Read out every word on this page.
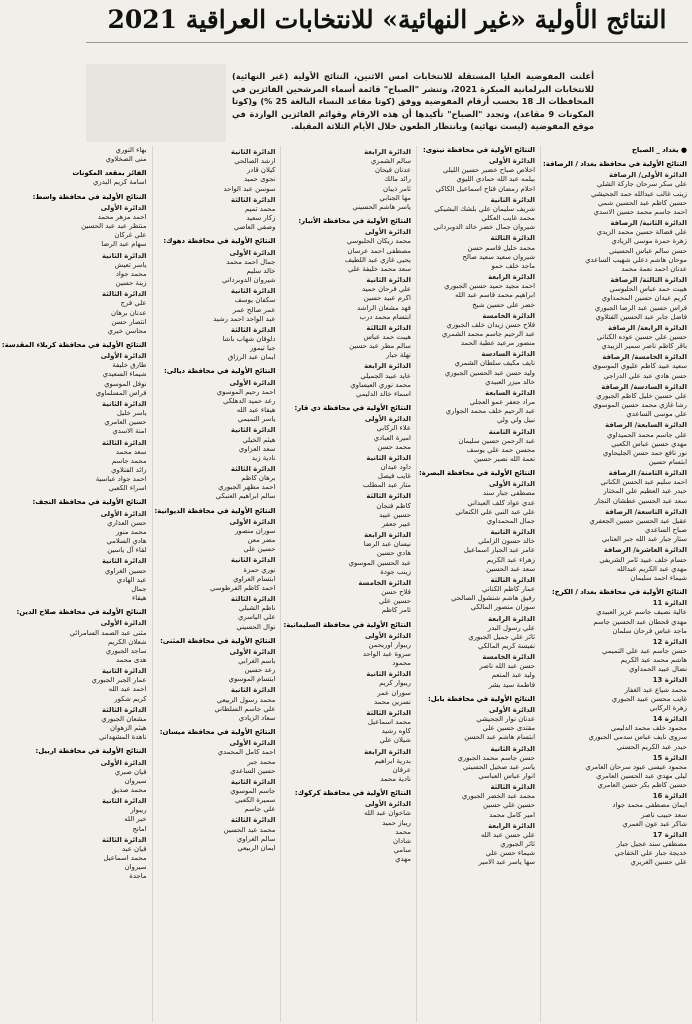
النتائج الأولية «غير النهائية» للانتخابات العراقية 2021
أعلنت المفوضية العليا المستقلة للانتخابات امس الاثنين، النتائج الأولية (غير النهائية) للانتخابات البرلمانية المبكرة 2021، وتنشر "الصباح" قائمة أسماء المرشحين الفائزين في المحافظات الـ 18 بحسب أرقام المفوضية ووفق (كوتا مقاعد النساء البالغة 25 %) و(كوتا المكونات 9 مقاعد)، وتجدد "الصباح" تأكيدها أن هذه الارقام وقوائم الفائزين الواردة في موقع المفوضية (ليست نهائية) وبانتظار الطعون خلال الأيام الثلاثة المقبلة.
● بغداد _ الصباح
النتائج الأولية في محافظة بغداد / الرصافة:
الدائرة الأولى/ الرصافة
علي سكر سرحان جاركة الشلي
زينب غالب عبدالله حمد الجحيشي
حسين كاظم عبد الحسين شمي
احمد جاسم محمد حسين الاسدي
الدائرة الثانية/ الرصافة
علي فضالة حسين محمد الزيدي
زهرة حمزة موسى الزيادي
حسن سالم عباس الحسيني
موحان هاشم ذعلي شهيب الساعدي
عدنان احمد نعمة محمد
الدائرة الثالثة/ الرصافة
هيبت حمد عباس الحلبوسي
كريم عيدان حسين المحمداوي
فراس حسين عبد الرضا الجبوري
فاضل جابر عبد الحسين الفتلاوي
الدائرة الرابعة/ الرصافة
حسين علي حسين عوده الكناني
باقر كاظم ناصر سمير الزبيدي
الدائرة الخامسة/ الرصافة
سعيد عبيد كاظم عليوي الموسوي
حسن هادي عبد علي الدراجي
الدائرة السادسة/ الرصافة
علي حسين خليل كاظم الجبوري
رشا غازي محمد حسين الموسوي
علي موسى الساعدي
الدائرة السابعة/ الرصافة
علي جاسم محمد الحميداوي
مهدي حسين عباس الكعبي
نور نافع حمد حسن الجليحاوي
ابتسام حسين
الدائرة الثامنة/ الرصافة
احمد سليم عبد الحسن الكناني
حيدر عبد العظيم علي المختار
سعد عبد الحسين عطشان النجار
الدائرة التاسعة/ الرصافة
عقيل عبد الحسين حسين الجعفري
صباح الساعدي
ستار جبار عبد الله جبر العتابي
الدائرة العاشرة/ الرصافة
حسام خلف عبيد ثامر الشريفي
مهدي عبد الكريم عبدالله
شيماء احمد سليمان
النتائج الأولية في محافظة بغداد / الكرخ:
الدائرة 11
عالية نصيف جاسم عزيز العبيدي
مهدي قحطان عبد الحسين جاسم
ماجد عباس فرحان سلمان
الدائرة 12
حسن جاسم عبد علي التميمي
هاشم محمد عبد الكريم
نضال عبيد الحمداوي
الدائرة 13
محمد شياع عبد الغفار
غايب محسن عبيد الجبوري
زهرة الركابي
الدائرة 14
محمود خلف محمد الدليمي
سروى نايف عباس سدمي الجبوري
حيدر عبد الكريم الحسني
الدائرة 15
محمود عيسى عبود سرحان العامري
ليلى مهدي عبد الحسين العامري
حسين كاظم بكر حسن العامري
الدائرة 16
ايمان مصطفى محمد جواد
سعد حبيب ناصر
شاكر عبد عون العمري
الدائرة 17
مصطفى سند عجيل جبار
خديجة جبار علي الخفاجي
علي حسين الغريري
النتائج الأولية في محافظة نينوى:
الدائرة الأولى
اخلاص صباح خضير حسين الليلي
بيلمه عبد الله حمادي الليوي
احلام رمضان فتاح اسماعيل الكاكي
الدائرة الثانية
شريف سليمان علي بلشك البشيكي
محمد غايب العكلي
شيروان جمال خضر خالد الدوبرداني
الدائرة الثالثة
محمد خليل قاسم حسن
شيروان سعيد سعيد صالح
ماجد خلف حمو
الدائرة الرابعة
احمد مجيد حميد حسين الجبوري
ابراهيم محمد قاسم عبد الله
خضر علي حسين شيخ
الدائرة الخامسة
فلاح حسن زيدان خلف الجبوري
عبد الرحيم جاسم محمد الشمري
منصور مرعيد عطية الحمد
الدائرة السادسة
نايف مكيف سلطان الشمري
وليد حسن عبد الحسين الجبوري
خالد ميزر العبيدي
الدائرة السابعة
مراد جعفر عمو العجلي
عبد الرحيم خلف محمد الجواري
نبيل ولي ولي
الدائرة الثامنة
عبد الرحمن حسين سليمان
محسن حمد علي يوسف
نعمة الله نصير حسين
النتائج الأولية في محافظة البصرة:
الدائرة الأولى
مصطفى جبار سند
عدي عواد كلف العيداني
علي عبد النبي علي الكنعاني
جمال المحمداوي
الدائرة الثانية
خالد حسون الزاملي
عامر عبد الجبار اسماعيل
زهراء عبد الكريم
سعد عبد الحسين
الدائرة الثالثة
عمار كاظم الكناني
رفيق هاشم شنشول الصالحي
سوزان منصور المالكي
الدائرة الرابعة
علي رسول البدر
ثائر علي جميل الجبوري
نفيسة كريم المالكي
الدائرة الخامسة
حسن عبد الله ناصر
وليد عبد المنعم
فاطمة سيد بشر
النتائج الأولية في محافظة بابل:
الدائرة الأولى
عدنان نوار الجحيشي
مقتدى حسين علي
ابتسام هاشم عبد الحسن
الدائرة الثانية
حسن جاسم محمد الجبوري
ياسر عبد صخيل الحسيني
انوار عباس العباسي
الدائرة الثالثة
محمد عبد الخضر الجبوري
حسين علي حسين
امير كامل محمد
الدائرة الرابعة
علي حسن عبد الله
ثائر الجبوري
شيماء حسن علي
سها ياسر عبد الامير
الدائرة الرابعة
سالم الشمري
عدنان فيحان
رائد مالك
ثامر ذيبان
مها الجنابي
ياسر هاشم الحسيني
النتائج الأولية في محافظة الأنبار:
الدائرة الأولى
محمد ريكان الحلبوسي
مصطفى احمد عرسان
يحيى غازي عبد اللطيف
سعد محمد خليفة علي
الدائرة الثانية
علي فرحان حميد
اكرم عبيد حسين
فهد مشعان الراشد
ابتسام محمد درب
الدائرة الثالثة
هيبت حمد عباس
سالم مطر عبد حسين
نهلة جبار
الدائرة الرابعة
عايد عبيد الجميلي
محمد نوري العيساوي
اسماء خالد الدليمي
النتائج الأولية في محافظة ذي قار:
الدائرة الأولى
علاء الركابي
اميرة العبادي
محمد حسن
الدائرة الثانية
داود عيدان
غايب فيصل
منار عبد المطلب
الدائرة الثالثة
كاظم فنجان
حسين عبيد
عبير جعفر
الدائرة الرابعة
نيسان عبد الرضا
هادي حسين
عبد الحسين الموسوي
زينب جودة
الدائرة الخامسة
فلاح حسن
حسين علي
ثامر كاظم
النتائج الأولية في محافظة السليمانية:
الدائرة الأولى
ريبوار اوريحمن
سروة عبد الواحد
محمود
الدائرة الثانية
ريبوار كريم
سوران عمر
نسرين محمد
الدائرة الثالثة
محمد اسماعيل
كاوه رشيد
شيلان علي
الدائرة الرابعة
بدرية ابراهيم
عرفان
نادية محمد
النتائج الأولية في محافظة كركوك:
الدائرة الأولى
شاخوان عبد الله
ريباز حميد
محمد
شادان
سامي
مهدي
الدائرة الثانية
ارشد الصالحي
كيلان قادر
نجوى حميد
سوسن عبد الواحد
الدائرة الثالثة
محمد تميم
زكار سعيد
وصفي العاصي
النتائج الأولية في محافظة دهوك:
الدائرة الأولى
جمال احمد محمد
خالد سليم
شيروان الدوبرداني
الدائرة الثانية
سكفان يوسف
عمر صالح عمر
عبد الواحد احمد رشيد
الدائرة الثالثة
دلوفان شهاب باشا
جيا تيمور
ايمان عبد الرزاق
النتائج الأولية في محافظة ديالى:
الدائرة الأولى
احمد رحيم الموسوي
رعد حميد الدهلكي
هيفاء عبد الله
ياسر التميمي
الدائرة الثانية
هيثم الخيلي
سعد العزاوي
نادية زيد
الدائرة الثالثة
برهان كاظم
احمد مظهر الجبوري
سالم ابراهيم العنبكي
النتائج الأولية في محافظة الديوانية:
الدائرة الأولى
سوران منصور
مضر معن
حسين علي
الدائرة الثانية
نوري حمزة
ابتسام الغراوي
احمد كاظم الفرطوسي
الدائرة الثالثة
ناظم الشبلي
علي الياسري
نوال الحسيني
النتائج الأولية في محافظة المثنى:
الدائرة الأولى
باسم الغرابي
رعد حسين
ابتسام الموسوي
الدائرة الثانية
محمد رسول الربيعي
علي جاسم السلطاني
سعاد الزيادي
النتائج الأولية في محافظة ميسان:
الدائرة الأولى
احمد كامل المحمدي
محمد جبر
حسين الساعدي
الدائرة الثانية
جاسم الموسوي
سميرة الكعبي
علي جاسم
الدائرة الثالثة
محمد عبد الحسين
سالم الغراوي
ايمان الربيعي
بهاء النوري
منى الصخلاوي
الفائز بمقعد المكونات
اسامة كريم البدري
النتائج الأولية في محافظة واسط:
الدائرة الأولى
احمد مزهر محمد
منتظر عبد عبد الحسين
علي غركان
سهام عبد الرضا
الدائرة الثانية
ياسر تعيش
محمد جواد
زينة حسين
الدائرة الثالثة
علي فرج
عدنان برهان
انتصار حسن
محاسن خيري
النتائج الأولية في محافظة كربلاء المقدسة:
الدائرة الأولى
طارق خليفة
شيماء السعيدي
نوفل الموسوي
فراس المسلماوي
الدائرة الثانية
ياسر خليل
حسين العامري
امنة الاسدي
الدائرة الثالثة
سعد محمد
محمد جاسم
رائد الفتلاوي
احمد جواد عباسية
اسراء الكعبي
النتائج الأولية في محافظة النجف:
الدائرة الأولى
حسن العذاري
محمد منور
هادي السلامي
لقاء آل ياسين
الدائرة الثانية
حسين الغراوي
عبد الهادي
جمال
هيفاء
النتائج الأولية في محافظة صلاح الدين:
الدائرة الأولى
مثنى عبد الصمد السامرائي
شعلان الكريم
ساجد الجبوري
هدى محمد
الدائرة الثانية
عمار الجبر الجبوري
احمد عبد الله
كريم شكور
الدائرة الثالثة
مشعان الجبوري
هيثم الزهوان
ناهدة المشهداني
النتائج الأولية في محافظة اربيل:
الدائرة الأولى
فيان صبري
سيروان
محمد صديق
الدائرة الثانية
ريبوار
خير الله
امانج
الدائرة الثالثة
فيان عبد
محمد اسماعيل
سيروان
ماجدة
